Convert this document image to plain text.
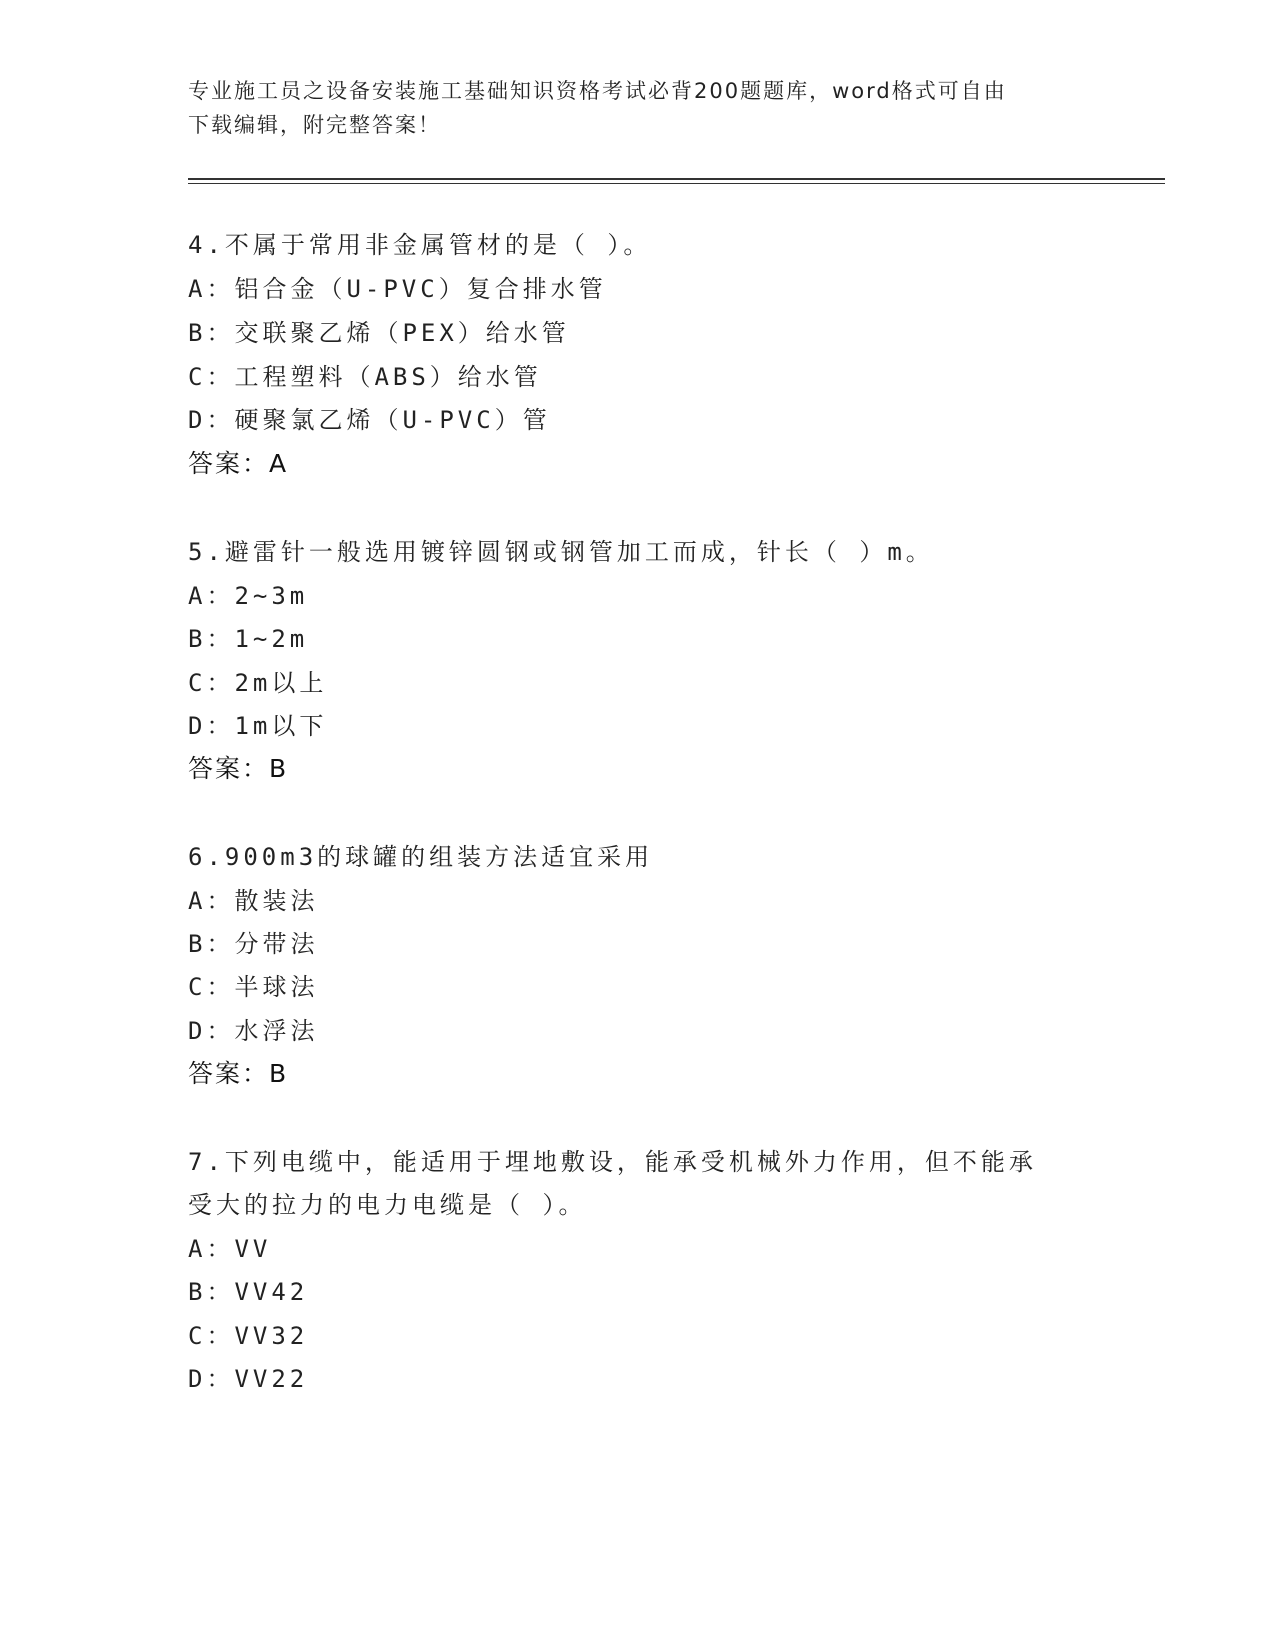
专业施工员之设备安装施工基础知识资格考试必背200题题库，word格式可自由
下载编辑，附完整答案！
4.不属于常用非金属管材的是（ ）。
A：铝合金（U-PVC）复合排水管
B：交联聚乙烯（PEX）给水管
C：工程塑料（ABS）给水管
D：硬聚氯乙烯（U-PVC）管
答案：A
5.避雷针一般选用镀锌圆钢或钢管加工而成，针长（ ）m。
A：2~3m
B：1~2m
C：2m以上
D：1m以下
答案：B
6.900m3的球罐的组装方法适宜采用
A：散装法
B：分带法
C：半球法
D：水浮法
答案：B
7.下列电缆中，能适用于埋地敷设，能承受机械外力作用，但不能承
受大的拉力的电力电缆是（ ）。
A：VV
B：VV42
C：VV32
D：VV22
